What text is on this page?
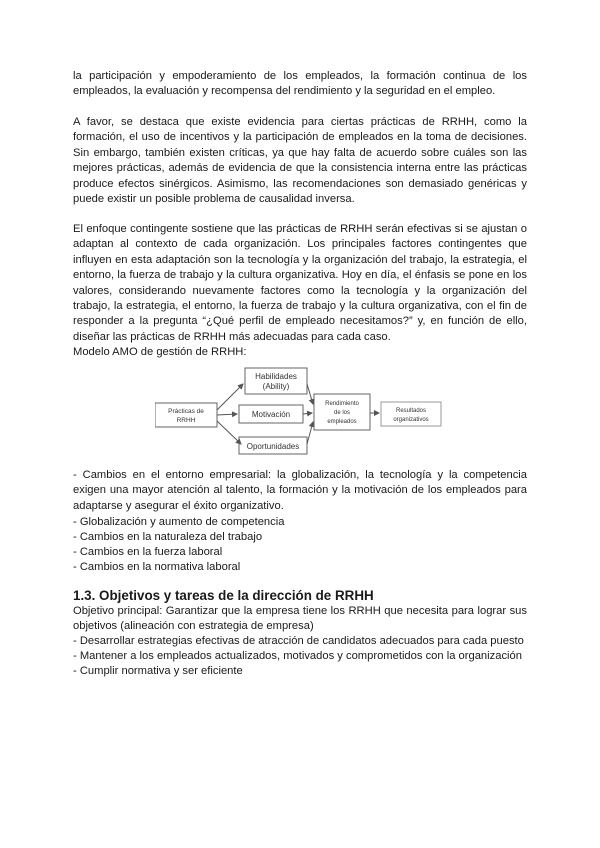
la participación y empoderamiento de los empleados, la formación continua de los empleados, la evaluación y recompensa del rendimiento y la seguridad en el empleo.

A favor, se destaca que existe evidencia para ciertas prácticas de RRHH, como la formación, el uso de incentivos y la participación de empleados en la toma de decisiones. Sin embargo, también existen críticas, ya que hay falta de acuerdo sobre cuáles son las mejores prácticas, además de evidencia de que la consistencia interna entre las prácticas produce efectos sinérgicos. Asimismo, las recomendaciones son demasiado genéricas y puede existir un posible problema de causalidad inversa.

El enfoque contingente sostiene que las prácticas de RRHH serán efectivas si se ajustan o adaptan al contexto de cada organización. Los principales factores contingentes que influyen en esta adaptación son la tecnología y la organización del trabajo, la estrategia, el entorno, la fuerza de trabajo y la cultura organizativa. Hoy en día, el énfasis se pone en los valores, considerando nuevamente factores como la tecnología y la organización del trabajo, la estrategia, el entorno, la fuerza de trabajo y la cultura organizativa, con el fin de responder a la pregunta “¿Qué perfil de empleado necesitamos?” y, en función de ello, diseñar las prácticas de RRHH más adecuadas para cada caso.

Modelo AMO de gestión de RRHH:

Prácticas de
RRHH
Habilidades
(Ability)
Motivación
Oportunidades
Rendimiento
de los
empleados
Resultados
organizativos

- Cambios en el entorno empresarial: la globalización, la tecnología y la competencia exigen una mayor atención al talento, la formación y la motivación de los empleados para adaptarse y asegurar el éxito organizativo.

- Globalización y aumento de competencia

- Cambios en la naturaleza del trabajo

- Cambios en la fuerza laboral

- Cambios en la normativa laboral

1.3. Objetivos y tareas de la dirección de RRHH

Objetivo principal: Garantizar que la empresa tiene los RRHH que necesita para lograr sus objetivos (alineación con estrategia de empresa)

- Desarrollar estrategias efectivas de atracción de candidatos adecuados para cada puesto

- Mantener a los empleados actualizados, motivados y comprometidos con la organización

- Cumplir normativa y ser eficiente
